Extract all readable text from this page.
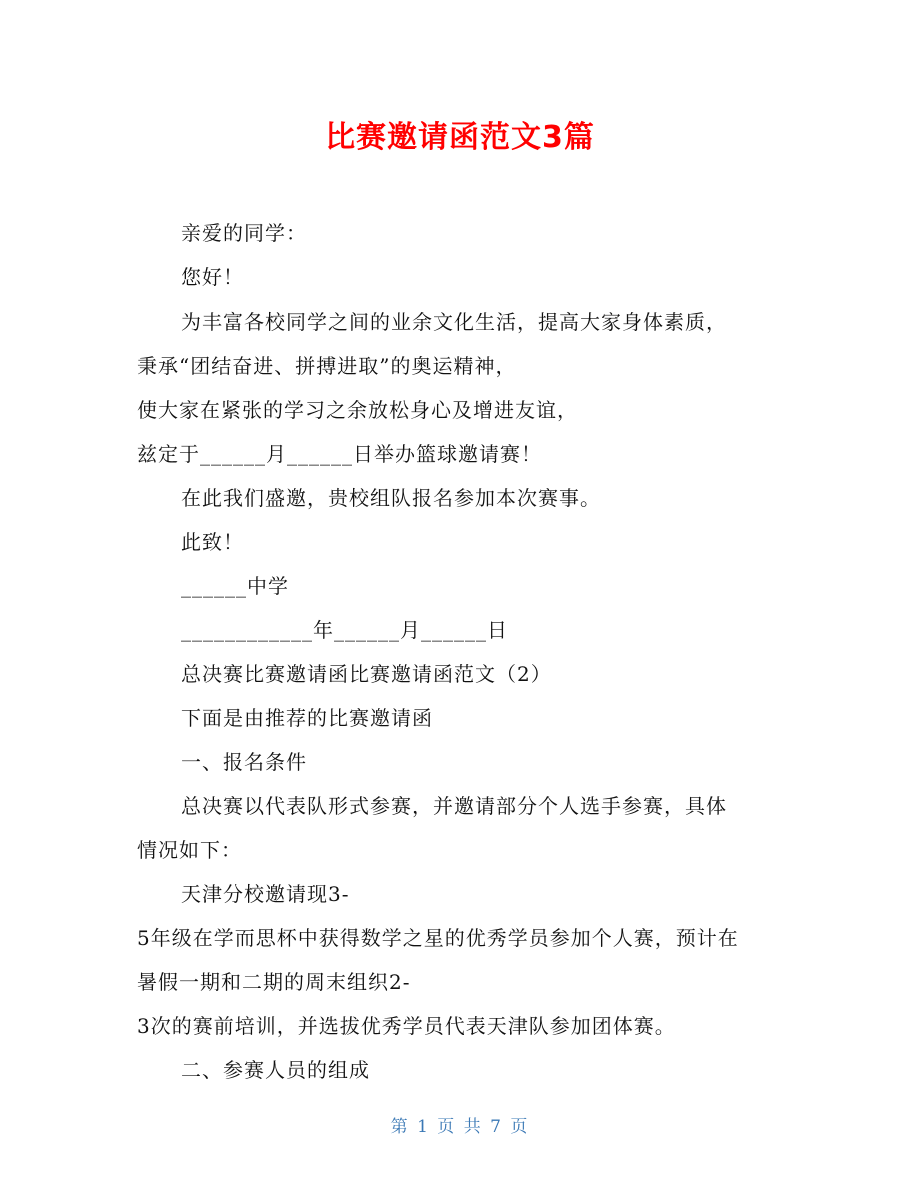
比赛邀请函范文3篇
亲爱的同学：
您好！
为丰富各校同学之间的业余文化生活，提高大家身体素质，
秉承“团结奋进、拼搏进取”的奥运精神，
使大家在紧张的学习之余放松身心及增进友谊，
兹定于______月______日举办篮球邀请赛！
在此我们盛邀，贵校组队报名参加本次赛事。
此致！
______中学
____________年______月______日
总决赛比赛邀请函比赛邀请函范文（2）
下面是由推荐的比赛邀请函
一、报名条件
总决赛以代表队形式参赛，并邀请部分个人选手参赛，具体
情况如下：
天津分校邀请现3-
5年级在学而思杯中获得数学之星的优秀学员参加个人赛，预计在
暑假一期和二期的周末组织2-
3次的赛前培训，并选拔优秀学员代表天津队参加团体赛。
二、参赛人员的组成
第 1 页 共 7 页
